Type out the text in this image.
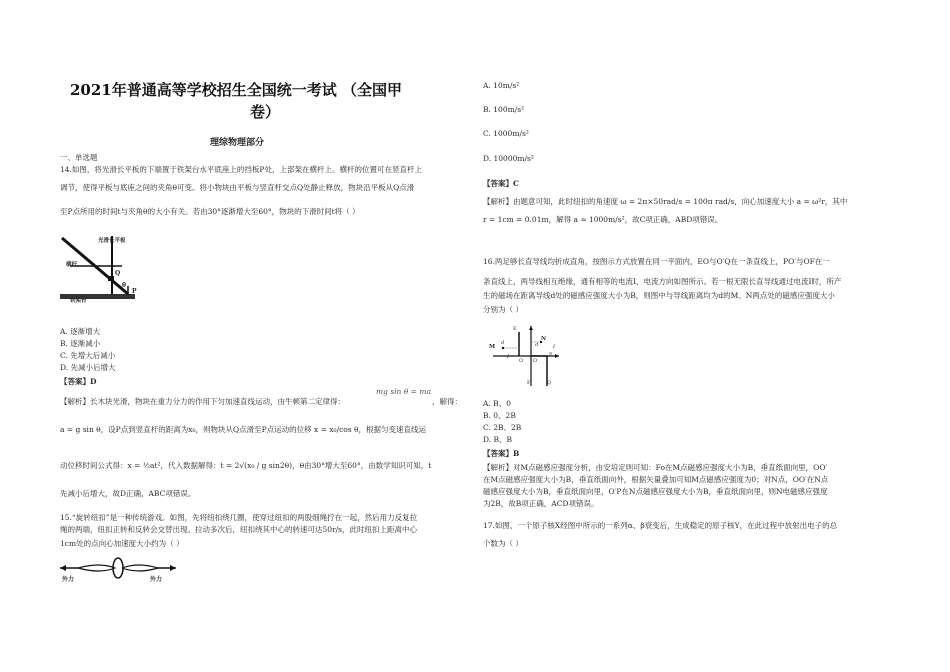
2021年普通高等学校招生全国统一考试 （全国甲
卷）
理综物理部分
一、单选题
14.如图，将光滑长平板的下端置于铁架台水平底座上的挡板P处，上部架在横杆上。横杆的位置可在竖直杆上
调节，使得平板与底座之间的夹角θ可变。将小物块由平板与竖直杆交点Q处静止释放，物块沿平板从Q点滑
至P点所用的时间t与夹角θ的大小有关。若由30°逐渐增大至60°，物块的下滑时间t将（ ）
光滑长平板
横杆
铁架台
Q
P
θ
A. 逐渐增大
B. 逐渐减小
C. 先增大后减小
D. 先减小后增大
【答案】D
【解析】长木块光滑，物块在重力分力的作用下匀加速直线运动，由牛顿第二定律得：
mg sin θ = ma
，解得：
a = g sin θ，设P点到竖直杆的距离为x₀，则物块从Q点滑至P点运动的位移 x = x₀/cos θ，根据匀变速直线运
动位移时间公式得：x = ½at²，代入数据解得：t = 2√(x₀ / g sin2θ)，θ由30°增大至60°，由数学知识可知，t
先减小后增大，故D正确，ABC项错误。
15.“旋转纽扣”是一种传统游戏。如图，先将纽扣绕几圈，使穿过纽扣的两股细绳拧在一起，然后用力反复拉
绳的两端，纽扣正转和反转会交替出现。拉动多次后，纽扣绕其中心的转速可达50r/s，此时纽扣上距离中心
1cm处的点向心加速度大小约为（ ）
外力	外力
A. 10m/s²
B. 100m/s²
C. 1000m/s²
D. 10000m/s²
【答案】C
【解析】由题意可知，此时纽扣的角速度 ω = 2π×50rad/s = 100π rad/s，向心加速度大小 a = ω²r，其中
r = 1cm = 0.01m，解得 a ≈ 1000m/s²，故C项正确，ABD项错误。
16.两足够长直导线均折成直角，按图示方式放置在同一平面内，EO与O′Q在一条直线上，PO′与OF在一
条直线上，两导线相互绝缘，通有相等的电流I，电流方向如图所示。若一根无限长直导线通过电流I时，所产
生的磁场在距离导线d处的磁感应强度大小为B，则图中与导线距离均为d的M、N两点处的磁感应强度大小
分别为（ ）
M
N
E
O O′
P
Q
F
d	d
I
I
A. B、0
B. 0、2B
C. 2B、2B
D. B、B
【答案】B
【解析】对M点磁感应强度分析，由安培定则可知：Fo在M点磁感应强度大小为B，垂直纸面向里，OO′
在M点磁感应强度大小为B，垂直纸面向外，根据矢量叠加可知M点磁感应强度为0；对N点，OO′在N点
磁感应强度大小为B，垂直纸面向里，O′P在N点磁感应强度大小为B，垂直纸面向里，则N电磁感应强度
为2B，故B项正确，ACD项错误。
17.如图，一个原子核X经图中所示的一系列α、β衰变后，生成稳定的原子核Y，在此过程中放射出电子的总
个数为（ ）
